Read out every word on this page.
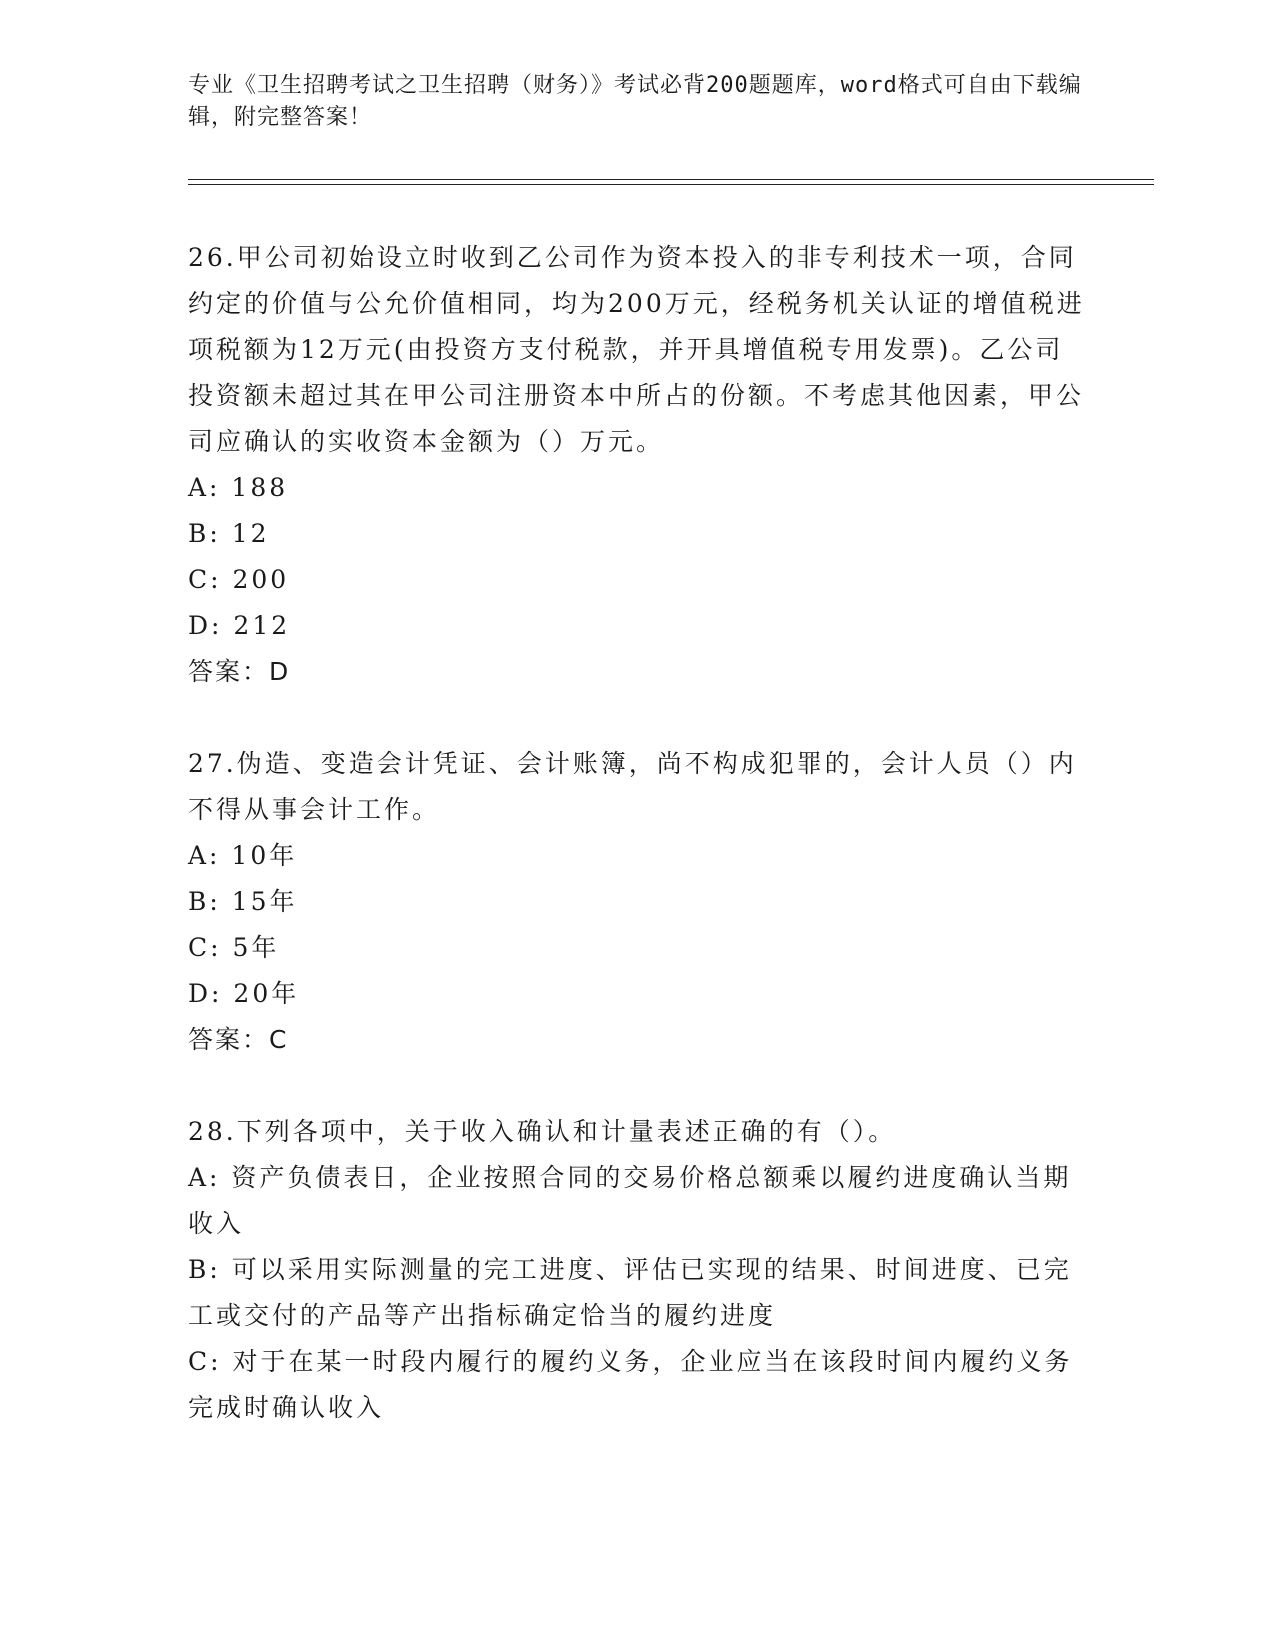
专业《卫生招聘考试之卫生招聘（财务）》考试必背200题题库，word格式可自由下载编辑，附完整答案！
26.甲公司初始设立时收到乙公司作为资本投入的非专利技术一项，合同约定的价值与公允价值相同，均为200万元，经税务机关认证的增值税进项税额为12万元(由投资方支付税款，并开具增值税专用发票)。乙公司投资额未超过其在甲公司注册资本中所占的份额。不考虑其他因素，甲公司应确认的实收资本金额为（）万元。
A: 188
B: 12
C: 200
D: 212
答案：D
27.伪造、变造会计凭证、会计账簿，尚不构成犯罪的，会计人员（）内不得从事会计工作。
A: 10年
B: 15年
C: 5年
D: 20年
答案：C
28.下列各项中，关于收入确认和计量表述正确的有（）。
A: 资产负债表日，企业按照合同的交易价格总额乘以履约进度确认当期收入
B: 可以采用实际测量的完工进度、评估已实现的结果、时间进度、已完工或交付的产品等产出指标确定恰当的履约进度
C: 对于在某一时段内履行的履约义务，企业应当在该段时间内履约义务完成时确认收入
